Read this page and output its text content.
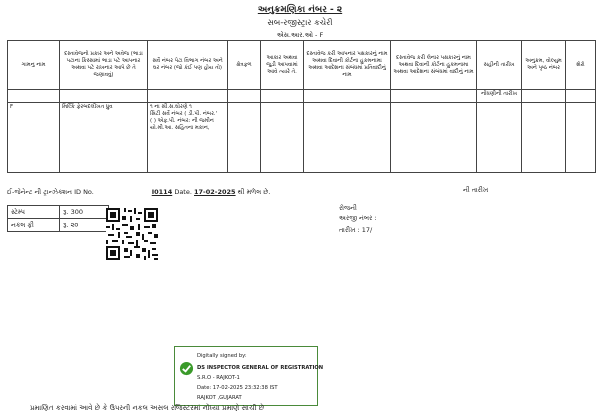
અનુક્રમણિકા નંબર - ૨
સબ-રજીસ્ટ્રાર કચેરી
એસ.આર.ઓ - F
ગામનુ નામ	દસ્તાવેજનો પ્રકાર અને અવેજ (ભાડા પટાના કિસ્સામાં ભાડા પટે આપનાર અથવા પટે રાખનાર આપે છે તે જણાવવું)	સર્વે નંબર પેટા વિભાગ નંબર અને ઘર નંબર (જો કંઈ પણ હોય તો)	ક્ષેત્રફળ	આકાર અથવા જુડી આપવામાં આવે ત્યારે તે.	દસ્તાવેજ કરી આપનાર પક્ષકારનું નામ અથવા દિવાની કોર્ટના હુકમનામા અથવા આદેશના સંબંધમાં પ્રતિવાદીનું નામ	દસ્તાવેજ કરી લેનાર પક્ષકારનું નામ અથવા દિવાની કોર્ટના હુકમનામા અથવા આદેશના સંબંધમાં વાદીનું નામ	સહીની તારીખ	અનુક્રમ, વોલ્યુમ અને પૃષ્ઠ નંબર	શેરો
							નોંધણીની તારીખ		
F	મિલ્કિ ફેરબદલીખત ધ્રુવ	૧ ના સી.સ.ઘોરણે ૧
સિટી સર્વે નંબર ( ડી.પી. નંબર.'
( ) એફ.પી. નંબર: ની જમીન
યો.મી.આ. સહિતના મકાન,							
ઈ-જેનેન્ટ ની ટ્રાન્ઝેક્શન ID No.	I0114 Date. 17-02-2025 થી મળેલ છે.
સ્ટેમ્પ	રૂ. 300
નકલ ફી	રૂ. ૨૦
ની તારીખ
રોજની
અરજી નંબર :
તારીખ : 17/
Digitally signed by:
DS INSPECTOR GENERAL OF REGISTRATION
S.R.O - RAJKOT-1
Date: 17-02-2025 23:32:38 IST
RAJKOT ,GUJARAT
પ્રમાણિત કરવામાં આવે છે કે ઉપરની નકલ અસલ રજિસ્ટરમાં નોંધ્યા પ્રમાણે સાચી છે
